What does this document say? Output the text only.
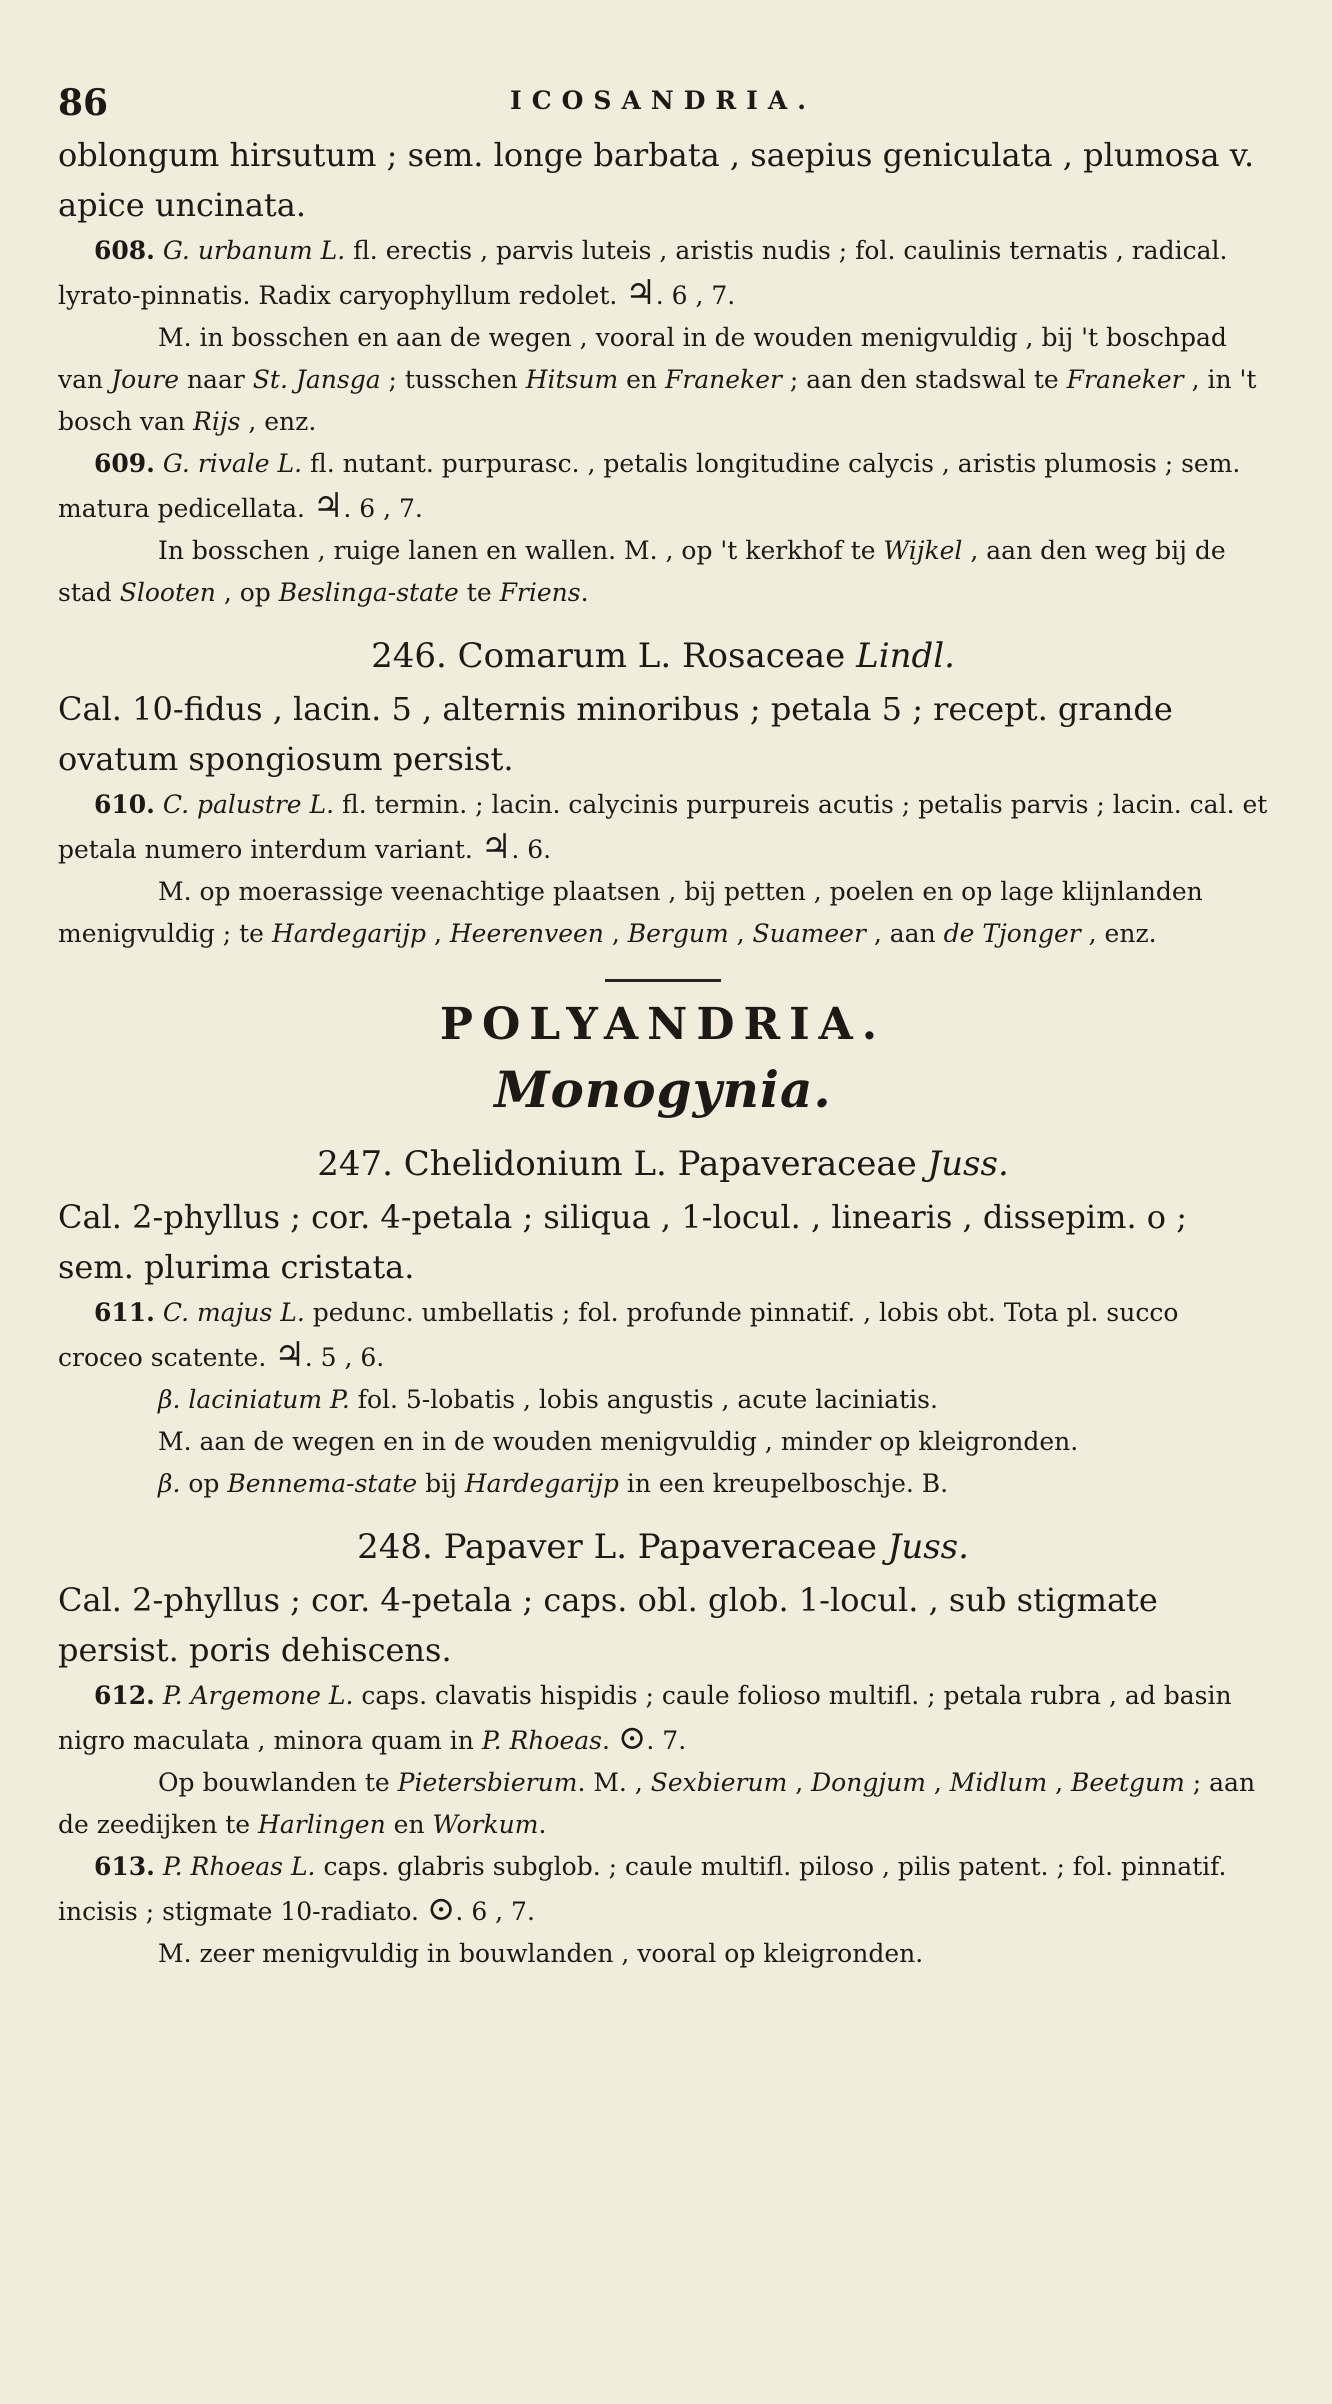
86	ICOSANDRIA.

oblongum hirsutum ; sem. longe barbata , saepius geniculata , plumosa v. apice uncinata.

608. G. urbanum L. fl. erectis , parvis luteis , aristis nudis ; fol. caulinis ternatis , radical. lyrato-pinnatis. Radix caryophyllum redolet. ♃. 6 , 7.

M. in bosschen en aan de wegen , vooral in de wouden menigvuldig , bij 't boschpad van Joure naar St. Jansga ; tusschen Hitsum en Franeker ; aan den stadswal te Franeker , in 't bosch van Rijs , enz.

609. G. rivale L. fl. nutant. purpurasc. , petalis longitudine calycis , aristis plumosis ; sem. matura pedicellata. ♃. 6 , 7.

In bosschen , ruige lanen en wallen. M. , op 't kerkhof te Wijkel , aan den weg bij de stad Slooten , op Beslinga-state te Friens.

246. Comarum L. Rosaceae Lindl.

Cal. 10-fidus , lacin. 5 , alternis minoribus ; petala 5 ; recept. grande ovatum spongiosum persist.

610. C. palustre L. fl. termin. ; lacin. calycinis purpureis acutis ; petalis parvis ; lacin. cal. et petala numero interdum variant. ♃. 6.

M. op moerassige veenachtige plaatsen , bij petten , poelen en op lage klijnlanden menigvuldig ; te Hardegarijp , Heerenveen , Bergum , Suameer , aan de Tjonger , enz.

POLYANDRIA.

Monogynia.

247. Chelidonium L. Papaveraceae Juss.

Cal. 2-phyllus ; cor. 4-petala ; siliqua , 1-locul. , linearis , dissepim. o ; sem. plurima cristata.

611. C. majus L. pedunc. umbellatis ; fol. profunde pinnatif. , lobis obt. Tota pl. succo croceo scatente. ♃. 5 , 6.

β. laciniatum P. fol. 5-lobatis , lobis angustis , acute laciniatis.

M. aan de wegen en in de wouden menigvuldig , minder op kleigronden.

β. op Bennema-state bij Hardegarijp in een kreupelboschje. B.

248. Papaver L. Papaveraceae Juss.

Cal. 2-phyllus ; cor. 4-petala ; caps. obl. glob. 1-locul. , sub stigmate persist. poris dehiscens.

612. P. Argemone L. caps. clavatis hispidis ; caule folioso multifl. ; petala rubra , ad basin nigro maculata , minora quam in P. Rhoeas. ⊙. 7.

Op bouwlanden te Pietersbierum. M. , Sexbierum , Dongjum , Midlum , Beetgum ; aan de zeedijken te Harlingen en Workum.

613. P. Rhoeas L. caps. glabris subglob. ; caule multifl. piloso , pilis patent. ; fol. pinnatif. incisis ; stigmate 10-radiato. ⊙. 6 , 7.

M. zeer menigvuldig in bouwlanden , vooral op kleigronden.
